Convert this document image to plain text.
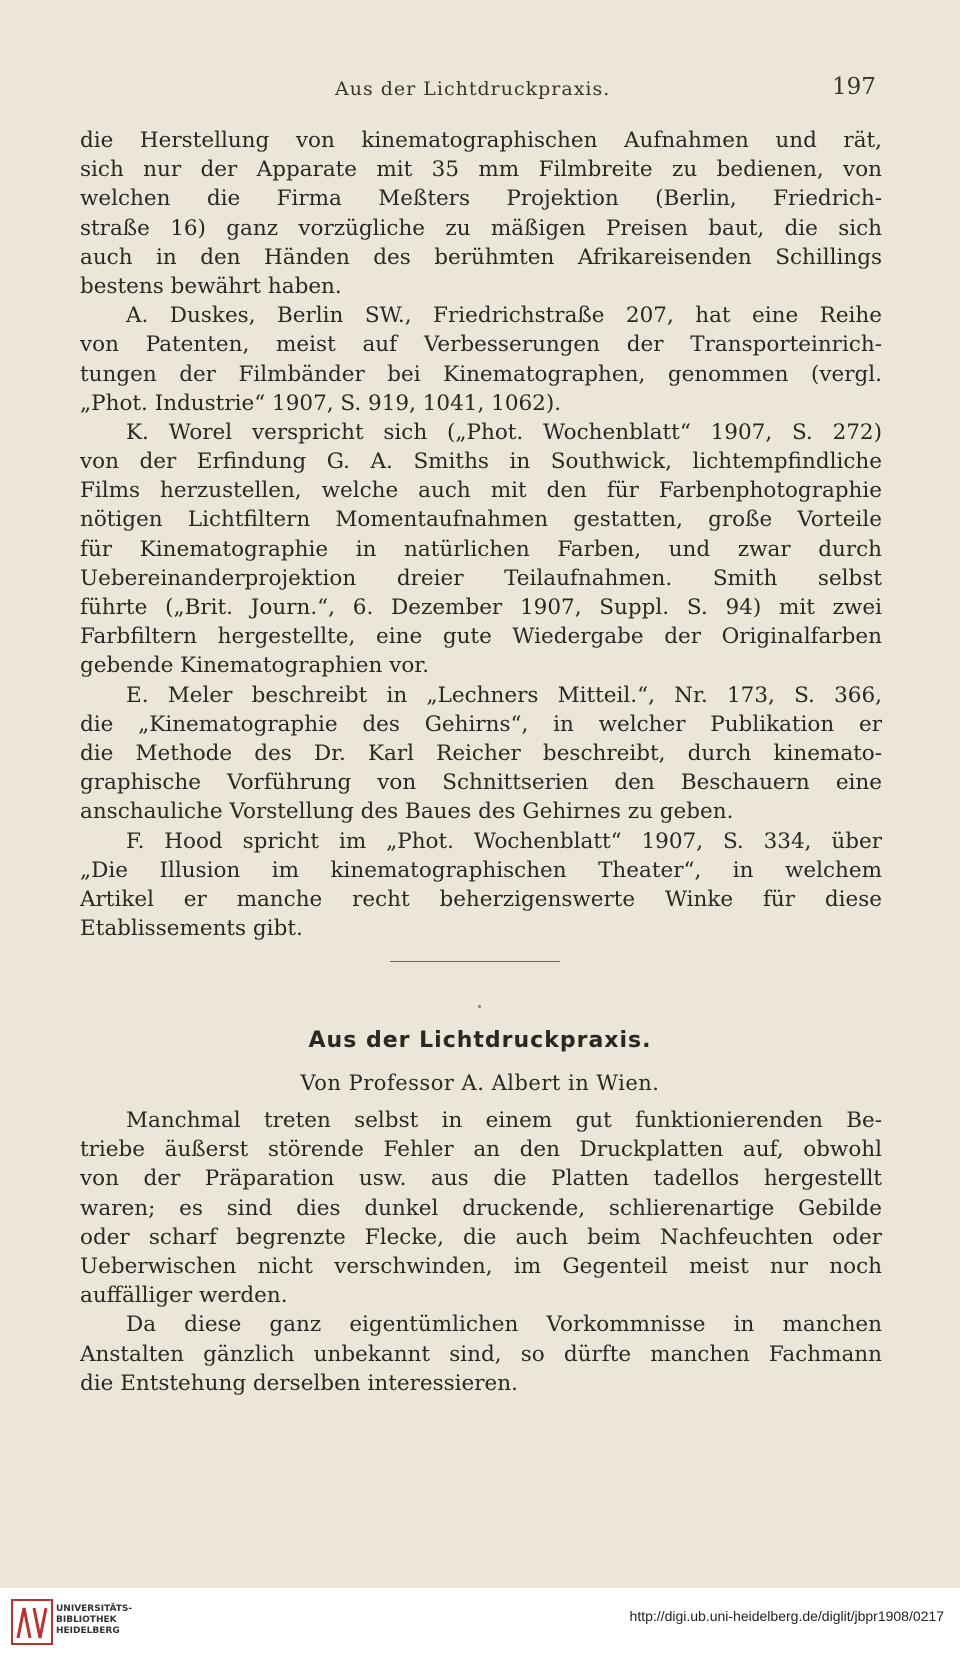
Aus der Lichtdruckpraxis.	197
die Herstellung von kinematographischen Aufnahmen und rät,
sich nur der Apparate mit 35 mm Filmbreite zu bedienen, von
welchen die Firma Meßters Projektion (Berlin, Friedrich-
straße 16) ganz vorzügliche zu mäßigen Preisen baut, die sich
auch in den Händen des berühmten Afrikareisenden Schillings
bestens bewährt haben.
A. Duskes, Berlin SW., Friedrichstraße 207, hat eine Reihe
von Patenten, meist auf Verbesserungen der Transporteinrich-
tungen der Filmbänder bei Kinematographen, genommen (vergl.
„Phot. Industrie“ 1907, S. 919, 1041, 1062).
K. Worel verspricht sich („Phot. Wochenblatt“ 1907, S. 272)
von der Erfindung G. A. Smiths in Southwick, lichtempfindliche
Films herzustellen, welche auch mit den für Farbenphotographie
nötigen Lichtfiltern Momentaufnahmen gestatten, große Vorteile
für Kinematographie in natürlichen Farben, und zwar durch
Uebereinanderprojektion dreier Teilaufnahmen. Smith selbst
führte („Brit. Journ.“, 6. Dezember 1907, Suppl. S. 94) mit zwei
Farbfiltern hergestellte, eine gute Wiedergabe der Originalfarben
gebende Kinematographien vor.
E. Meler beschreibt in „Lechners Mitteil.“, Nr. 173, S. 366,
die „Kinematographie des Gehirns“, in welcher Publikation er
die Methode des Dr. Karl Reicher beschreibt, durch kinemato-
graphische Vorführung von Schnittserien den Beschauern eine
anschauliche Vorstellung des Baues des Gehirnes zu geben.
F. Hood spricht im „Phot. Wochenblatt“ 1907, S. 334, über
„Die Illusion im kinematographischen Theater“, in welchem
Artikel er manche recht beherzigenswerte Winke für diese
Etablissements gibt.
Aus der Lichtdruckpraxis.
Von Professor A. Albert in Wien.
Manchmal treten selbst in einem gut funktionierenden Be-
triebe äußerst störende Fehler an den Druckplatten auf, obwohl
von der Präparation usw. aus die Platten tadellos hergestellt
waren; es sind dies dunkel druckende, schlierenartige Gebilde
oder scharf begrenzte Flecke, die auch beim Nachfeuchten oder
Ueberwischen nicht verschwinden, im Gegenteil meist nur noch
auffälliger werden.
Da diese ganz eigentümlichen Vorkommnisse in manchen
Anstalten gänzlich unbekannt sind, so dürfte manchen Fachmann
die Entstehung derselben interessieren.
UNIVERSITÄTS-
BIBLIOTHEK
HEIDELBERG
http://digi.ub.uni-heidelberg.de/diglit/jbpr1908/0217
